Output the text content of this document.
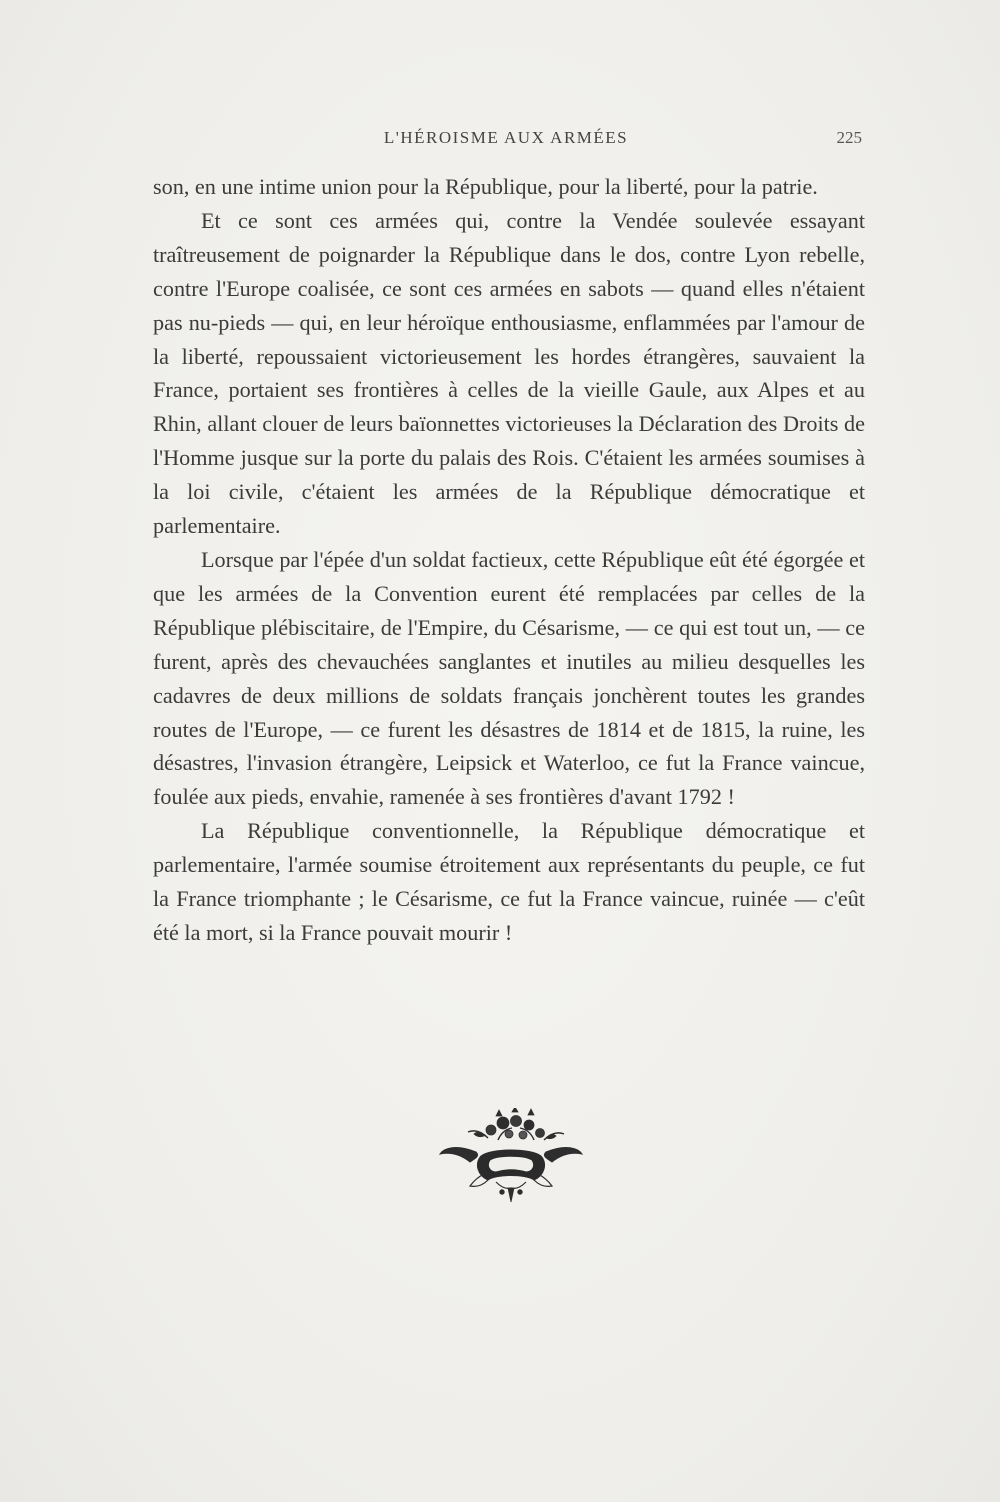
L'HÉROISME AUX ARMÉES	225

son, en une intime union pour la République, pour la liberté, pour la patrie.

Et ce sont ces armées qui, contre la Vendée soulevée essayant traîtreusement de poignarder la République dans le dos, contre Lyon rebelle, contre l'Europe coalisée, ce sont ces armées en sabots — quand elles n'étaient pas nu-pieds — qui, en leur héroïque enthousiasme, enflammées par l'amour de la liberté, repoussaient victorieusement les hordes étrangères, sauvaient la France, portaient ses frontières à celles de la vieille Gaule, aux Alpes et au Rhin, allant clouer de leurs baïonnettes victorieuses la Déclaration des Droits de l'Homme jusque sur la porte du palais des Rois. C'étaient les armées soumises à la loi civile, c'étaient les armées de la République démocratique et parlementaire.

Lorsque par l'épée d'un soldat factieux, cette République eût été égorgée et que les armées de la Convention eurent été remplacées par celles de la République plébiscitaire, de l'Empire, du Césarisme, — ce qui est tout un, — ce furent, après des chevauchées sanglantes et inutiles au milieu desquelles les cadavres de deux millions de soldats français jonchèrent toutes les grandes routes de l'Europe, — ce furent les désastres de 1814 et de 1815, la ruine, les désastres, l'invasion étrangère, Leipsick et Waterloo, ce fut la France vaincue, foulée aux pieds, envahie, ramenée à ses frontières d'avant 1792 !

La République conventionnelle, la République démocratique et parlementaire, l'armée soumise étroitement aux représentants du peuple, ce fut la France triomphante ; le Césarisme, ce fut la France vaincue, ruinée — c'eût été la mort, si la France pouvait mourir !
